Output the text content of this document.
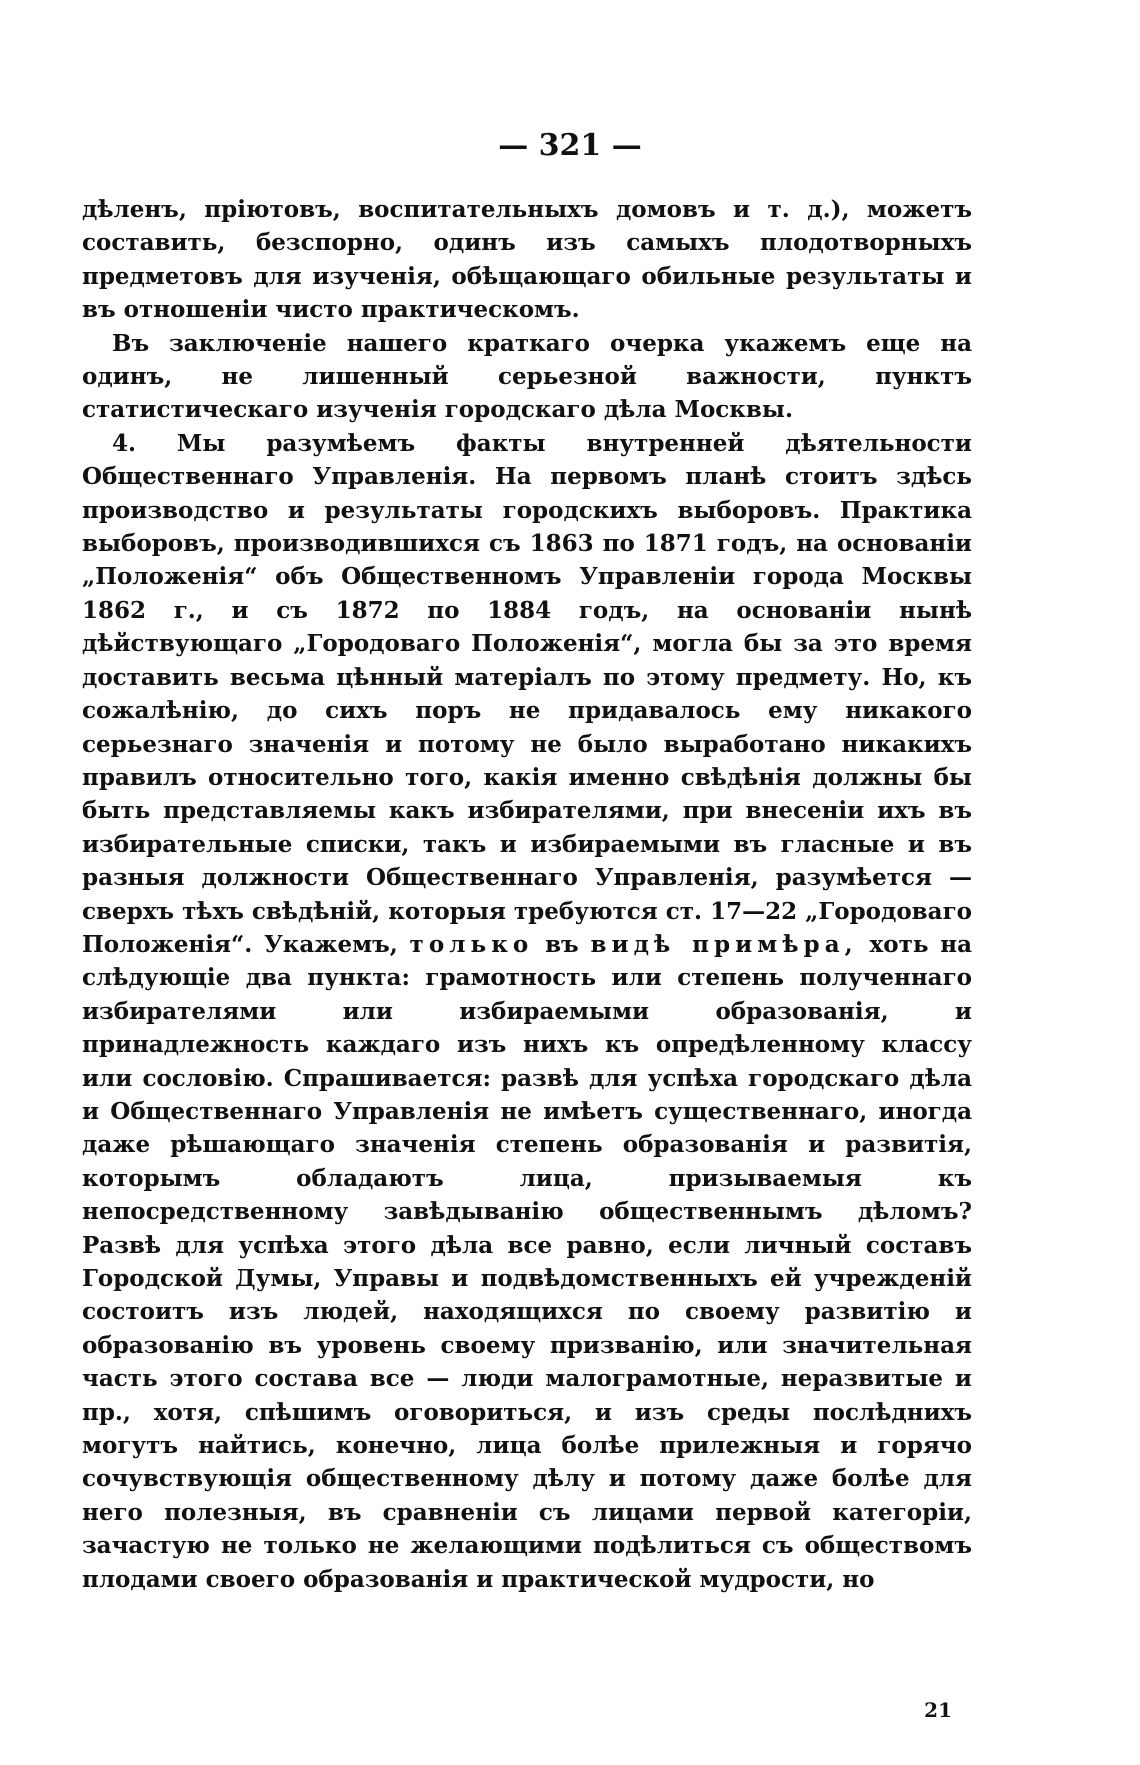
— 321 —

дѣленъ, пріютовъ, воспитательныхъ домовъ и т. д.), можетъ составить, безспорно, одинъ изъ самыхъ плодотворныхъ предметовъ для изученія, обѣщающаго обильные результаты и въ отношеніи чисто практическомъ.

Въ заключеніе нашего краткаго очерка укажемъ еще на одинъ, не лишенный серьезной важности, пунктъ статистическаго изученія городскаго дѣла Москвы.

4. Мы разумѣемъ факты внутренней дѣятельности Общественнаго Управленія. На первомъ планѣ стоитъ здѣсь производство и результаты городскихъ выборовъ. Практика выборовъ, производившихся съ 1863 по 1871 годъ, на основаніи „Положенія“ объ Общественномъ Управленіи города Москвы 1862 г., и съ 1872 по 1884 годъ, на основаніи нынѣ дѣйствующаго „Городоваго Положенія“, могла бы за это время доставить весьма цѣнный матеріалъ по этому предмету. Но, къ сожалѣнію, до сихъ поръ не придавалось ему никакого серьезнаго значенія и потому не было выработано никакихъ правилъ относительно того, какія именно свѣдѣнія должны бы быть представляемы какъ избирателями, при внесеніи ихъ въ избирательные списки, такъ и избираемыми въ гласные и въ разныя должности Общественнаго Управленія, разумѣется — сверхъ тѣхъ свѣдѣній, которыя требуются ст. 17—22 „Городоваго Положенія“. Укажемъ, только въ видѣ примѣра, хоть на слѣдующіе два пункта: грамотность или степень полученнаго избирателями или избираемыми образованія, и принадлежность каждаго изъ нихъ къ опредѣленному классу или сословію. Спрашивается: развѣ для успѣха городскаго дѣла и Общественнаго Управленія не имѣетъ существеннаго, иногда даже рѣшающаго значенія степень образованія и развитія, которымъ обладаютъ лица, призываемыя къ непосредственному завѣдыванію общественнымъ дѣломъ? Развѣ для успѣха этого дѣла все равно, если личный составъ Городской Думы, Управы и подвѣдомственныхъ ей учрежденій состоитъ изъ людей, находящихся по своему развитію и образованію въ уровень своему призванію, или значительная часть этого состава все — люди малограмотные, неразвитые и пр., хотя, спѣшимъ оговориться, и изъ среды послѣднихъ могутъ найтись, конечно, лица болѣе прилежныя и горячо сочувствующія общественному дѣлу и потому даже болѣе для него полезныя, въ сравненіи съ лицами первой категоріи, зачастую не только не желающими подѣлиться съ обществомъ плодами своего образованія и практической мудрости, но

21
